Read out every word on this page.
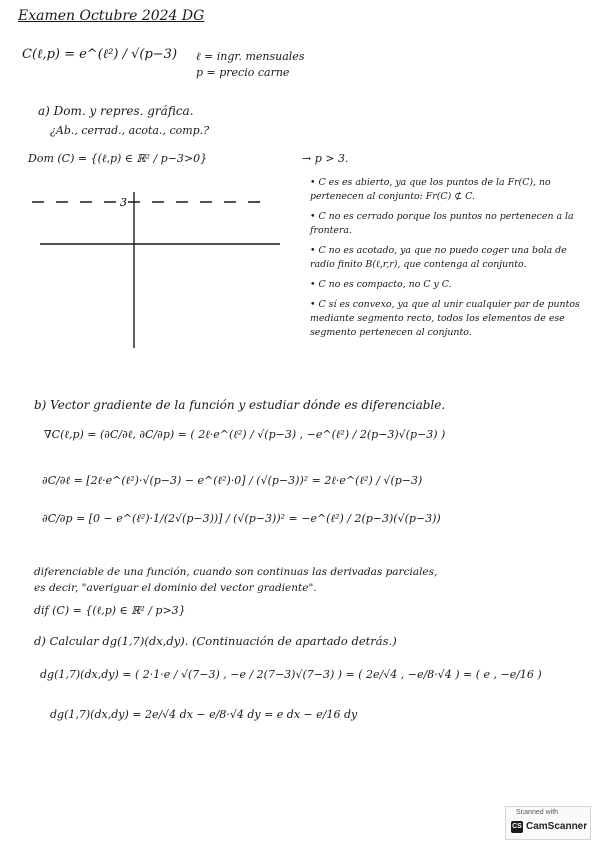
Examen Octubre 2024 DG
C(ℓ,p) = e^(ℓ²) / √(p−3) ℓ = ingr. mensuales
p = precio carne
a) Dom. y repres. gráfica.
¿Ab., cerrad., acota., comp.?
Dom (C) = {(ℓ,p) ∈ ℝ² / p−3>0}	→ p > 3.
3
• C es es abierto, ya que los puntos de la Fr(C), no pertenecen al conjunto: Fr(C) ⊄ C.
• C no es cerrado porque los puntos no pertenecen a la frontera.
• C no es acotado, ya que no puedo coger una bola de radio finito B(ℓ,r,r), que contenga al conjunto.
• C no es compacto, no C y C.
• C sí es convexo, ya que al unir cualquier par de puntos mediante segmento recto, todos los elementos de ese segmento pertenecen al conjunto.
b) Vector gradiente de la función y estudiar dónde es diferenciable.
∇C(ℓ,p) = (∂C/∂ℓ, ∂C/∂p) = ( 2ℓ·e^(ℓ²) / √(p−3) , −e^(ℓ²) / 2(p−3)√(p−3) )
∂C/∂ℓ = [2ℓ·e^(ℓ²)·√(p−3) − e^(ℓ²)·0] / (√(p−3))² = 2ℓ·e^(ℓ²) / √(p−3)
∂C/∂p = [0 − e^(ℓ²)·1/(2√(p−3))] / (√(p−3))² = −e^(ℓ²) / 2(p−3)(√(p−3))
diferenciable de una función, cuando son continuas las derivadas parciales,
es decir, "averiguar el dominio del vector gradiente".
dif (C) = {(ℓ,p) ∈ ℝ² / p>3}
d) Calcular dg(1,7)(dx,dy). (Continuación de apartado detrás.)
dg(1,7)(dx,dy) = ( 2·1·e / √(7−3) , −e / 2(7−3)√(7−3) ) = ( 2e/√4 , −e/8·√4 ) = ( e , −e/16 )
dg(1,7)(dx,dy) = 2e/√4 dx − e/8·√4 dy = e dx − e/16 dy
Scanned with
CS CamScanner
